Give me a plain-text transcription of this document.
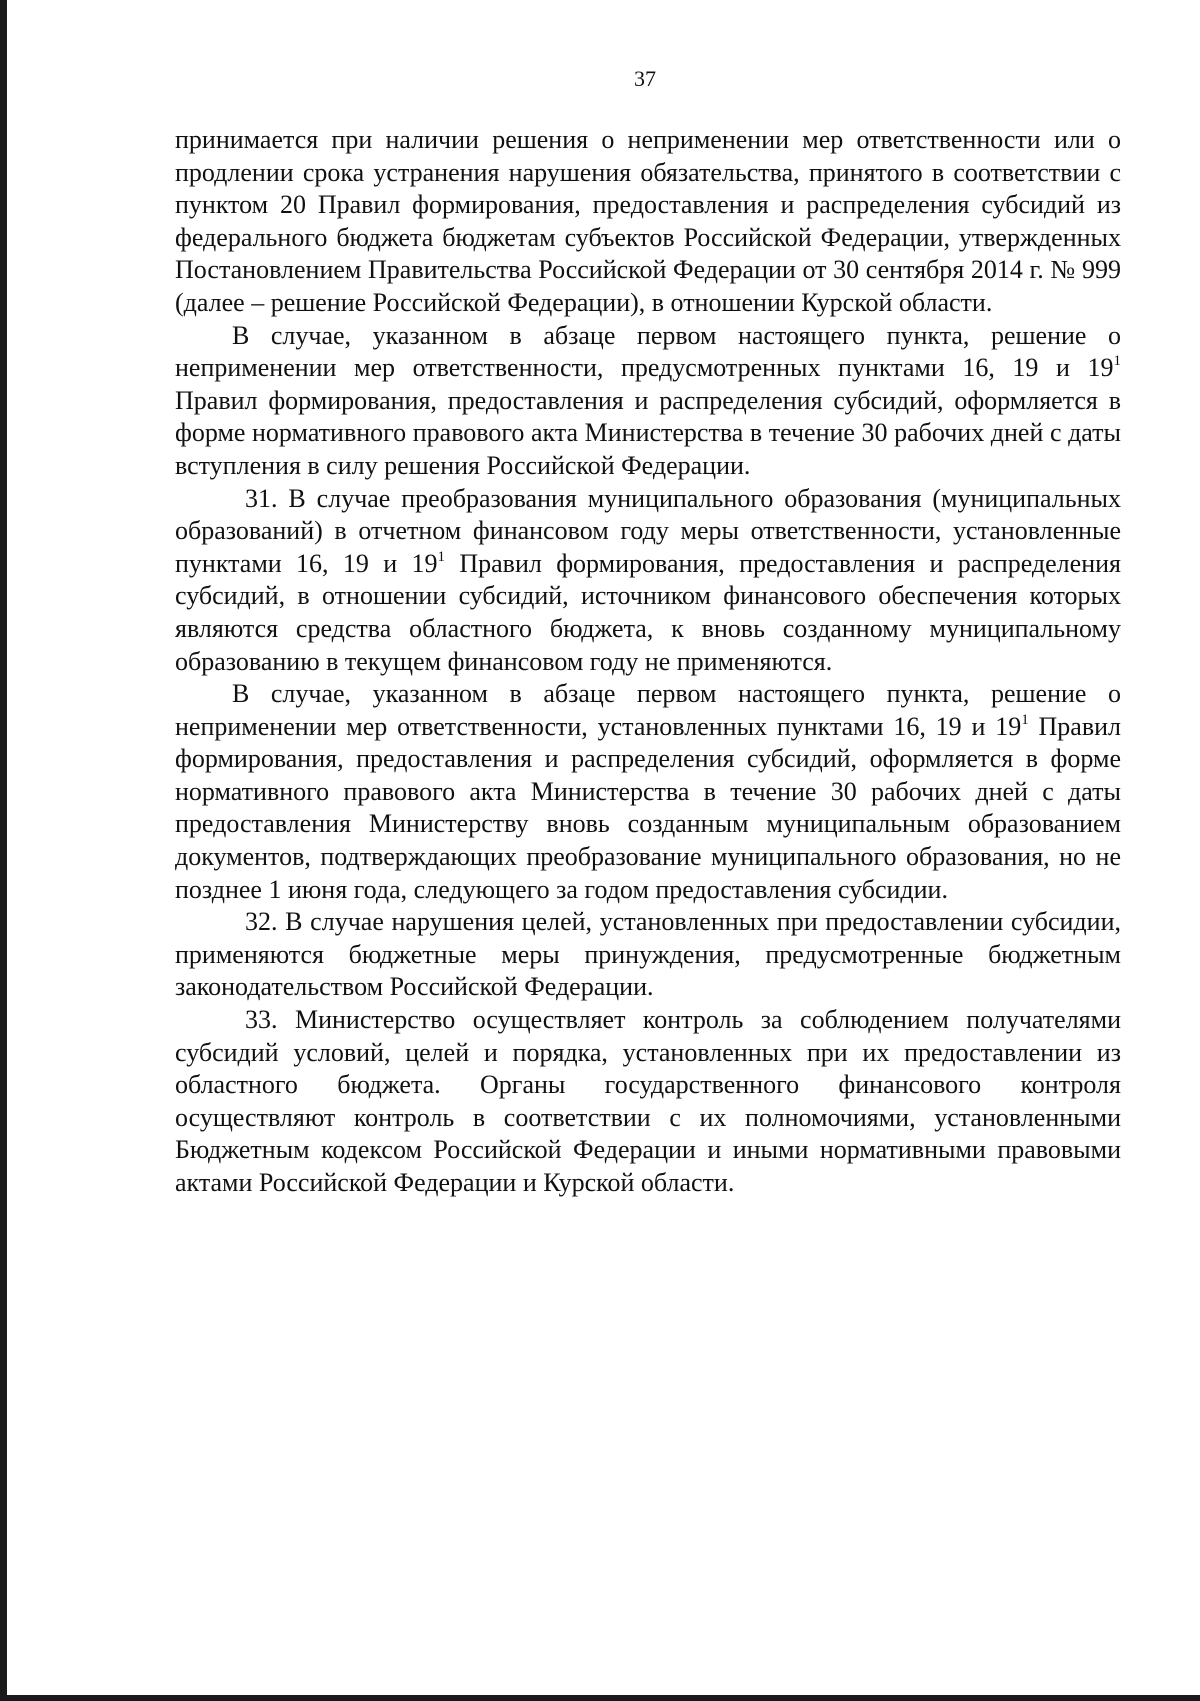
37

принимается при наличии решения о неприменении мер ответственности или о продлении срока устранения нарушения обязательства, принятого в соответствии с пунктом 20 Правил формирования, предоставления и распределения субсидий из федерального бюджета бюджетам субъектов Российской Федерации, утвержденных Постановлением Правительства Российской Федерации от 30 сентября 2014 г. № 999 (далее – решение Российской Федерации), в отношении Курской области.

В случае, указанном в абзаце первом настоящего пункта, решение о неприменении мер ответственности, предусмотренных пунктами 16, 19 и $19^1$ Правил формирования, предоставления и распределения субсидий, оформляется в форме нормативного правового акта Министерства в течение 30 рабочих дней с даты вступления в силу решения Российской Федерации.

31. В случае преобразования муниципального образования (муниципальных образований) в отчетном финансовом году меры ответственности, установленные пунктами 16, 19 и $19^1$ Правил формирования, предоставления и распределения субсидий, в отношении субсидий, источником финансового обеспечения которых являются средства областного бюджета, к вновь созданному муниципальному образованию в текущем финансовом году не применяются.

В случае, указанном в абзаце первом настоящего пункта, решение о неприменении мер ответственности, установленных пунктами 16, 19 и $19^1$ Правил формирования, предоставления и распределения субсидий, оформляется в форме нормативного правового акта Министерства в течение 30 рабочих дней с даты предоставления Министерству вновь созданным муниципальным образованием документов, подтверждающих преобразование муниципального образования, но не позднее 1 июня года, следующего за годом предоставления субсидии.

32. В случае нарушения целей, установленных при предоставлении субсидии, применяются бюджетные меры принуждения, предусмотренные бюджетным законодательством Российской Федерации.

33. Министерство осуществляет контроль за соблюдением получателями субсидий условий, целей и порядка, установленных при их предоставлении из областного бюджета. Органы государственного финансового контроля осуществляют контроль в соответствии с их полномочиями, установленными Бюджетным кодексом Российской Федерации и иными нормативными правовыми актами Российской Федерации и Курской области.
